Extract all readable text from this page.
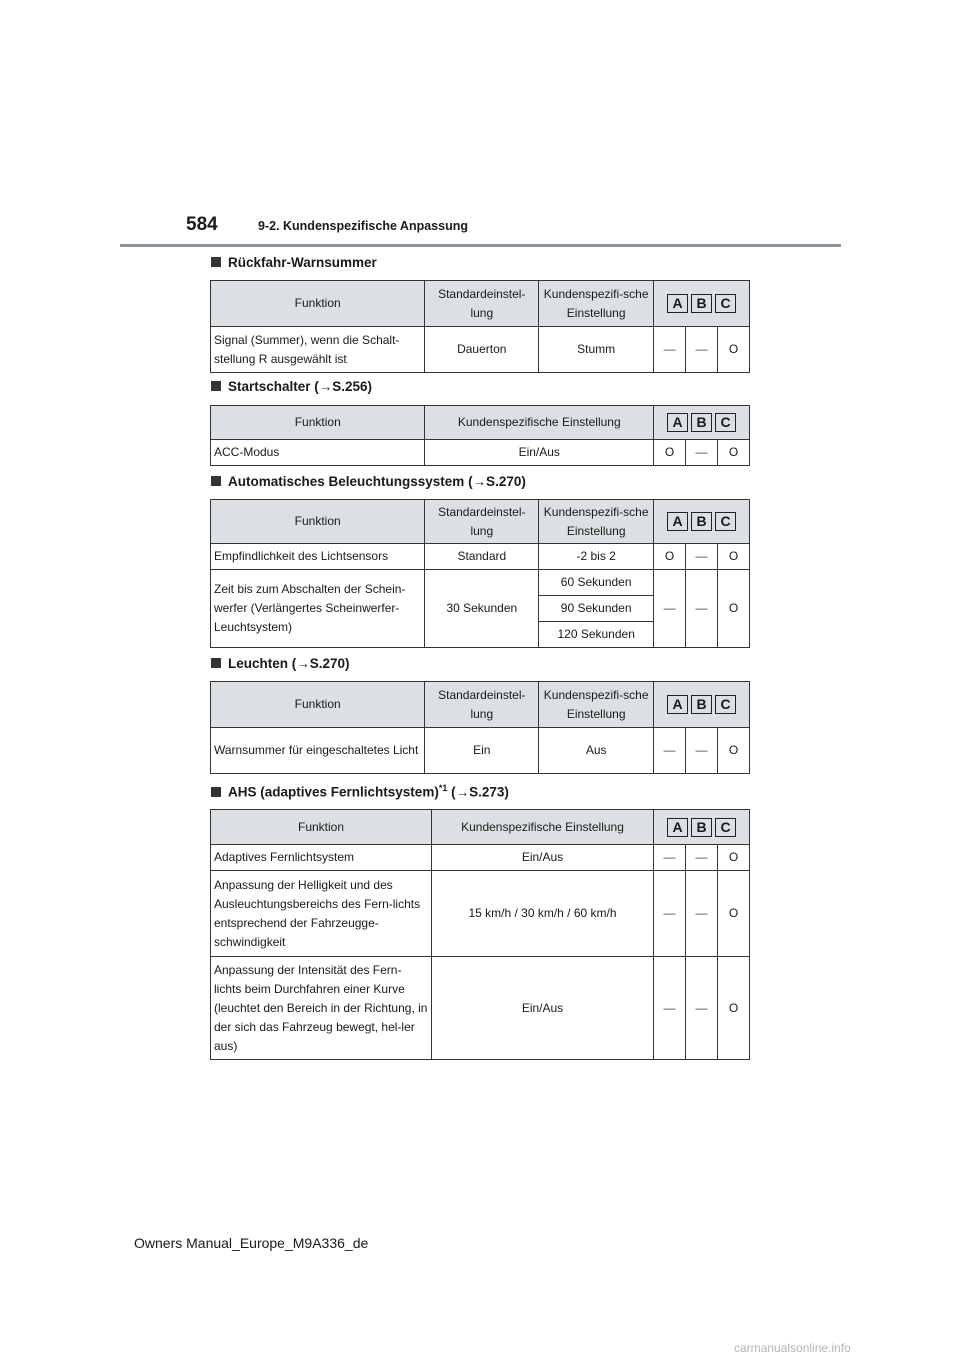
584	9-2. Kundenspezifische Anpassung
Rückfahr-Warnsummer
Funktion	Standardeinstel-lung	Kundenspezifi-sche Einstellung	A B C		

Signal (Summer), wenn die Schalt-stellung R ausgewählt ist	Dauerton	Stumm	—	—	O
Startschalter (→S.256)
Funktion	Kundenspezifische Einstellung	A B C		

ACC-Modus	Ein/Aus	O	—	O
Automatisches Beleuchtungssystem (→S.270)
Funktion	Standardeinstel-lung	Kundenspezifi-sche Einstellung	A B C		

Empfindlichkeit des Lichtsensors	Standard	-2 bis 2	O	—	O
Zeit bis zum Abschalten der Schein-werfer (Verlängertes Scheinwerfer-Leuchtsystem)	30 Sekunden	60 Sekunden	—	—	O
		90 Sekunden			
		120 Sekunden			
Leuchten (→S.270)
Funktion	Standardeinstel-lung	Kundenspezifi-sche Einstellung	A B C		

Warnsummer für eingeschaltetes Licht	Ein	Aus	—	—	O
AHS (adaptives Fernlichtsystem)$^{*1}$ (→S.273)
Funktion	Kundenspezifische Einstellung	A B C		

Adaptives Fernlichtsystem	Ein/Aus	—	—	O
Anpassung der Helligkeit und des Ausleuchtungsbereichs des Fern-lichts entsprechend der Fahrzeugge-schwindigkeit	15 km/h / 30 km/h / 60 km/h	—	—	O
Anpassung der Intensität des Fern-lichts beim Durchfahren einer Kurve (leuchtet den Bereich in der Richtung, in der sich das Fahrzeug bewegt, hel-ler aus)	Ein/Aus	—	—	O
Owners Manual_Europe_M9A336_de
carmanualsonline.info
